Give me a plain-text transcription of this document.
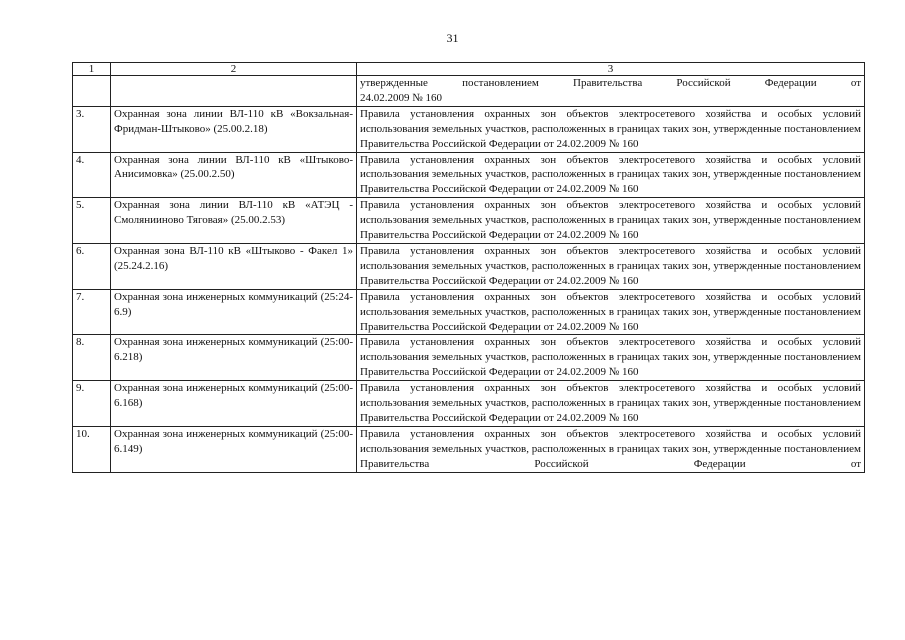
31
1	2	3

		утвержденные постановлением Правительства Российской Федерации от
24.02.2009 № 160

3.	Охранная зона линии ВЛ-110 кВ «Вокзальная-Фридман-Штыково» (25.00.2.18)	Правила установления охранных зон объектов электросетевого хозяйства и особых условий использования земельных участков, расположенных в границах таких зон, утвержденные постановлением Правительства Российской Федерации от 24.02.2009 № 160
4.	Охранная зона линии ВЛ-110 кВ «Штыково-Анисимовка» (25.00.2.50)	Правила установления охранных зон объектов электросетевого хозяйства и особых условий использования земельных участков, расположенных в границах таких зон, утвержденные постановлением Правительства Российской Федерации от 24.02.2009 № 160
5.	Охранная зона линии ВЛ-110 кВ «АТЭЦ - Смолянииново Тяговая» (25.00.2.53)	Правила установления охранных зон объектов электросетевого хозяйства и особых условий использования земельных участков, расположенных в границах таких зон, утвержденные постановлением Правительства Российской Федерации от 24.02.2009 № 160
6.	Охранная зона ВЛ-110 кВ «Штыково - Факел 1» (25.24.2.16)	Правила установления охранных зон объектов электросетевого хозяйства и особых условий использования земельных участков, расположенных в границах таких зон, утвержденные постановлением Правительства Российской Федерации от 24.02.2009 № 160
7.	Охранная зона инженерных коммуникаций (25:24-6.9)	Правила установления охранных зон объектов электросетевого хозяйства и особых условий использования земельных участков, расположенных в границах таких зон, утвержденные постановлением Правительства Российской Федерации от 24.02.2009 № 160
8.	Охранная зона инженерных коммуникаций (25:00-6.218)	Правила установления охранных зон объектов электросетевого хозяйства и особых условий использования земельных участков, расположенных в границах таких зон, утвержденные постановлением Правительства Российской Федерации от 24.02.2009 № 160
9.	Охранная зона инженерных коммуникаций (25:00-6.168)	Правила установления охранных зон объектов электросетевого хозяйства и особых условий использования земельных участков, расположенных в границах таких зон, утвержденные постановлением Правительства Российской Федерации от 24.02.2009 № 160
10.	Охранная зона инженерных коммуникаций (25:00-6.149)	Правила установления охранных зон объектов электросетевого хозяйства и особых условий использования земельных участков, расположенных в границах таких зон, утвержденные постановлением Правительства Российской Федерации от
